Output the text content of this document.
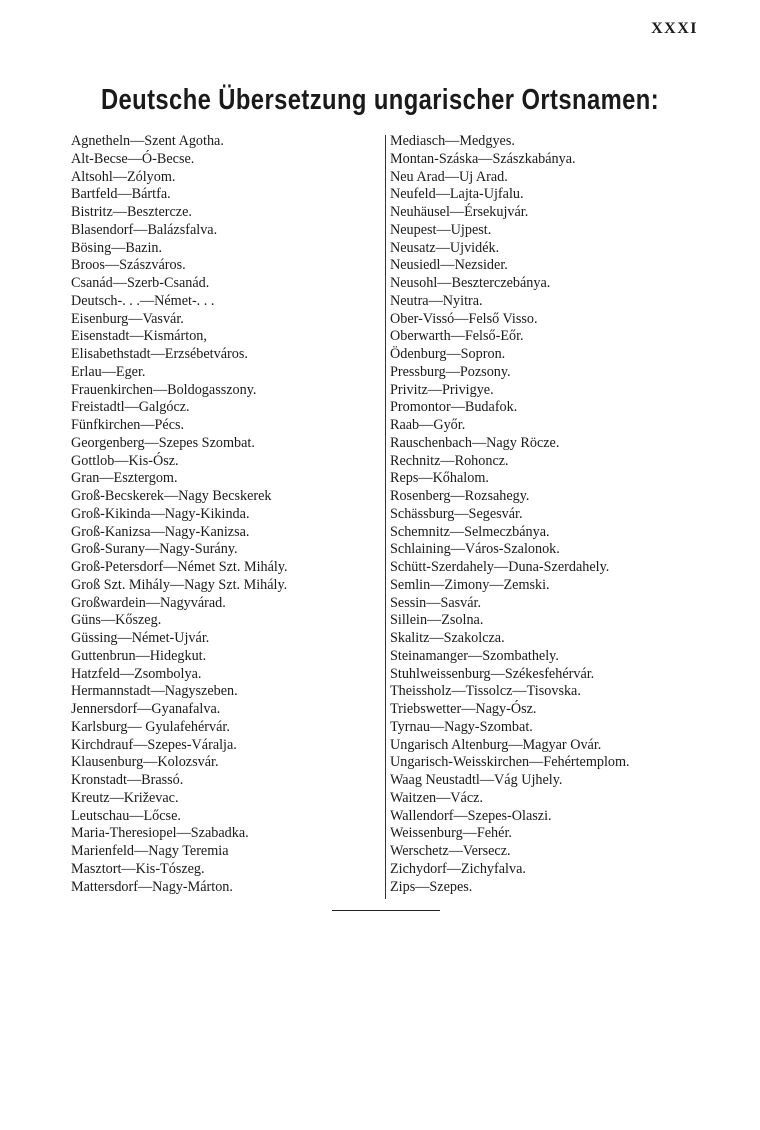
XXXI
Deutsche Übersetzung ungarischer Ortsnamen:
Agnetheln—Szent Agotha.
Alt-Becse—Ó-Becse.
Altsohl—Zólyom.
Bartfeld—Bártfa.
Bistritz—Besztercze.
Blasendorf—Balázsfalva.
Bösing—Bazin.
Broos—Szászváros.
Csanád—Szerb-Csanád.
Deutsch-. . .—Német-. . .
Eisenburg—Vasvár.
Eisenstadt—Kismárton,
Elisabethstadt—Erzsébetváros.
Erlau—Eger.
Frauenkirchen—Boldogasszony.
Freistadtl—Galgócz.
Fünfkirchen—Pécs.
Georgenberg—Szepes Szombat.
Gottlob—Kis-Ósz.
Gran—Esztergom.
Groß-Becskerek—Nagy Becskerek
Groß-Kikinda—Nagy-Kikinda.
Groß-Kanizsa—Nagy-Kanizsa.
Groß-Surany—Nagy-Surány.
Groß-Petersdorf—Német Szt. Mihály.
Groß Szt. Mihály—Nagy Szt. Mihály.
Großwardein—Nagyvárad.
Güns—Kőszeg.
Güssing—Német-Ujvár.
Guttenbrun—Hidegkut.
Hatzfeld—Zsombolya.
Hermannstadt—Nagyszeben.
Jennersdorf—Gyanafalva.
Karlsburg— Gyulafehérvár.
Kirchdrauf—Szepes-Váralja.
Klausenburg—Kolozsvár.
Kronstadt—Brassó.
Kreutz—Križevac.
Leutschau—Lőcse.
Maria-Theresiopel—Szabadka.
Marienfeld—Nagy Teremia
Masztort—Kis-Tószeg.
Mattersdorf—Nagy-Márton.
Mediasch—Medgyes.
Montan-Száska—Szászkabánya.
Neu Arad—Uj Arad.
Neufeld—Lajta-Ujfalu.
Neuhäusel—Érsekujvár.
Neupest—Ujpest.
Neusatz—Ujvidék.
Neusiedl—Nezsider.
Neusohl—Beszterczebánya.
Neutra—Nyitra.
Ober-Vissó—Felső Visso.
Oberwarth—Felső-Eőr.
Ödenburg—Sopron.
Pressburg—Pozsony.
Privitz—Privigye.
Promontor—Budafok.
Raab—Győr.
Rauschenbach—Nagy Röcze.
Rechnitz—Rohoncz.
Reps—Kőhalom.
Rosenberg—Rozsahegy.
Schässburg—Segesvár.
Schemnitz—Selmeczbánya.
Schlaining—Város-Szalonok.
Schütt-Szerdahely—Duna-Szerdahely.
Semlin—Zimony—Zemski.
Sessin—Sasvár.
Sillein—Zsolna.
Skalitz—Szakolcza.
Steinamanger—Szombathely.
Stuhlweissenburg—Székesfehérvár.
Theissholz—Tissolcz—Tisovska.
Triebswetter—Nagy-Ósz.
Tyrnau—Nagy-Szombat.
Ungarisch Altenburg—Magyar Ovár.
Ungarisch-Weisskirchen—Fehértemplom.
Waag Neustadtl—Vág Ujhely.
Waitzen—Vácz.
Wallendorf—Szepes-Olaszi.
Weissenburg—Fehér.
Werschetz—Versecz.
Zichydorf—Zichyfalva.
Zips—Szepes.
